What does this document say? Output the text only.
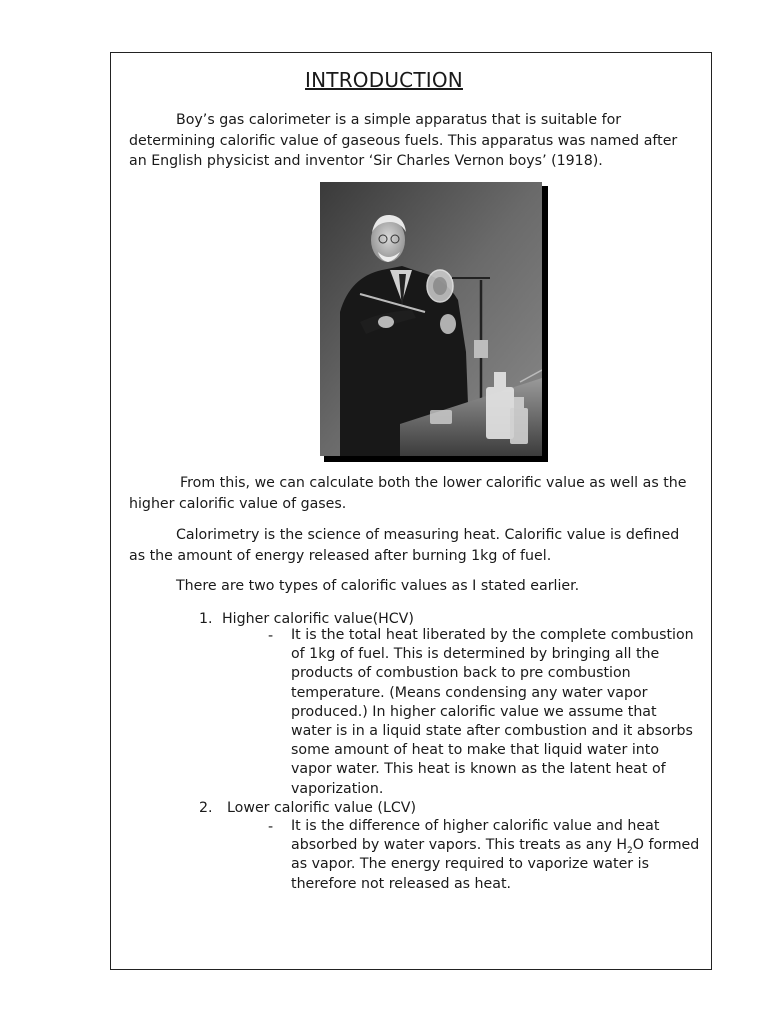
INTRODUCTION

Boy’s gas calorimeter is a simple apparatus that is suitable for determining calorific value of gaseous fuels. This apparatus was named after an English physicist and inventor ‘Sir Charles Vernon boys’ (1918).

From this, we can calculate both the lower calorific value as well as the higher calorific value of gases.

Calorimetry is the science of measuring heat. Calorific value is defined as the amount of energy released after burning 1kg of fuel.

There are two types of calorific values as I stated earlier.

1. Higher calorific value(HCV)
- It is the total heat liberated by the complete combustion of 1kg of fuel. This is determined by bringing all the products of combustion back to pre combustion temperature. (Means condensing any water vapor produced.) In higher calorific value we assume that water is in a liquid state after combustion and it absorbs some amount of heat to make that liquid water into vapor water. This heat is known as the latent heat of vaporization.

2. Lower calorific value (LCV)
- It is the difference of higher calorific value and heat absorbed by water vapors. This treats as any $H_2O$ formed as vapor. The energy required to vaporize water is therefore not released as heat.
